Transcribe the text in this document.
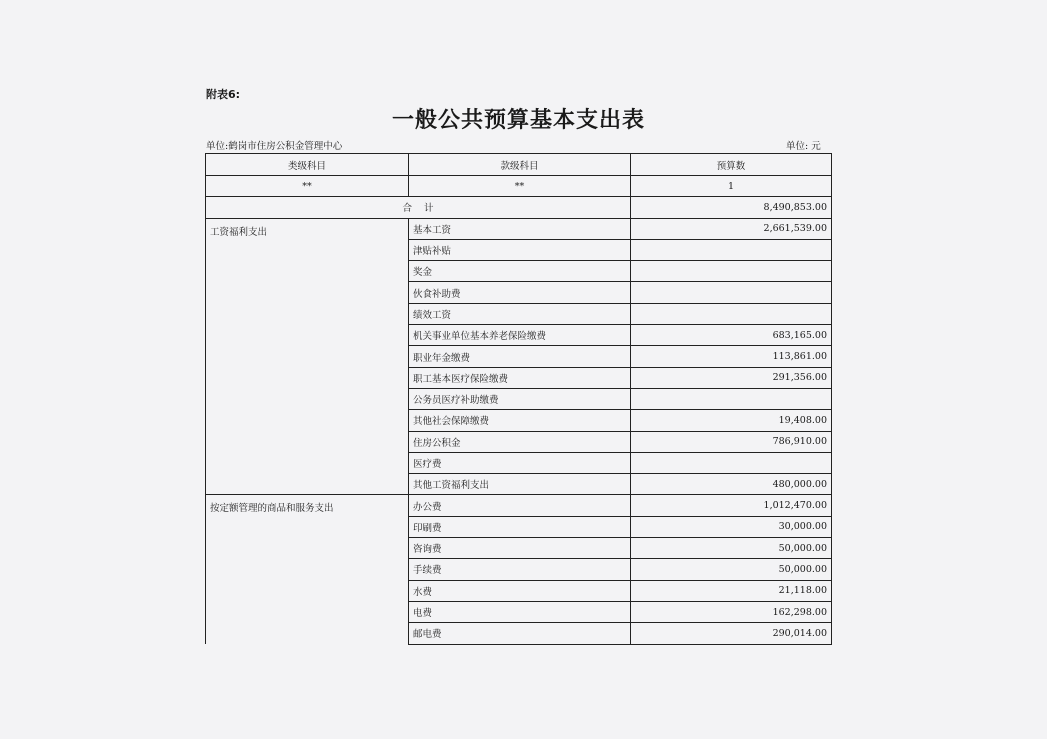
附表6:
一般公共预算基本支出表
单位:鹤岗市住房公积金管理中心	单位: 元
类级科目	款级科目	预算数
**	**	1
合    计		8,490,853.00
工资福利支出	基本工资	2,661,539.00
	津贴补贴	
	奖金	
	伙食补助费	
	绩效工资	
	机关事业单位基本养老保险缴费	683,165.00
	职业年金缴费	113,861.00
	职工基本医疗保险缴费	291,356.00
	公务员医疗补助缴费	
	其他社会保障缴费	19,408.00
	住房公积金	786,910.00
	医疗费	
	其他工资福利支出	480,000.00
按定额管理的商品和服务支出	办公费	1,012,470.00
	印刷费	30,000.00
	咨询费	50,000.00
	手续费	50,000.00
	水费	21,118.00
	电费	162,298.00
	邮电费	290,014.00
